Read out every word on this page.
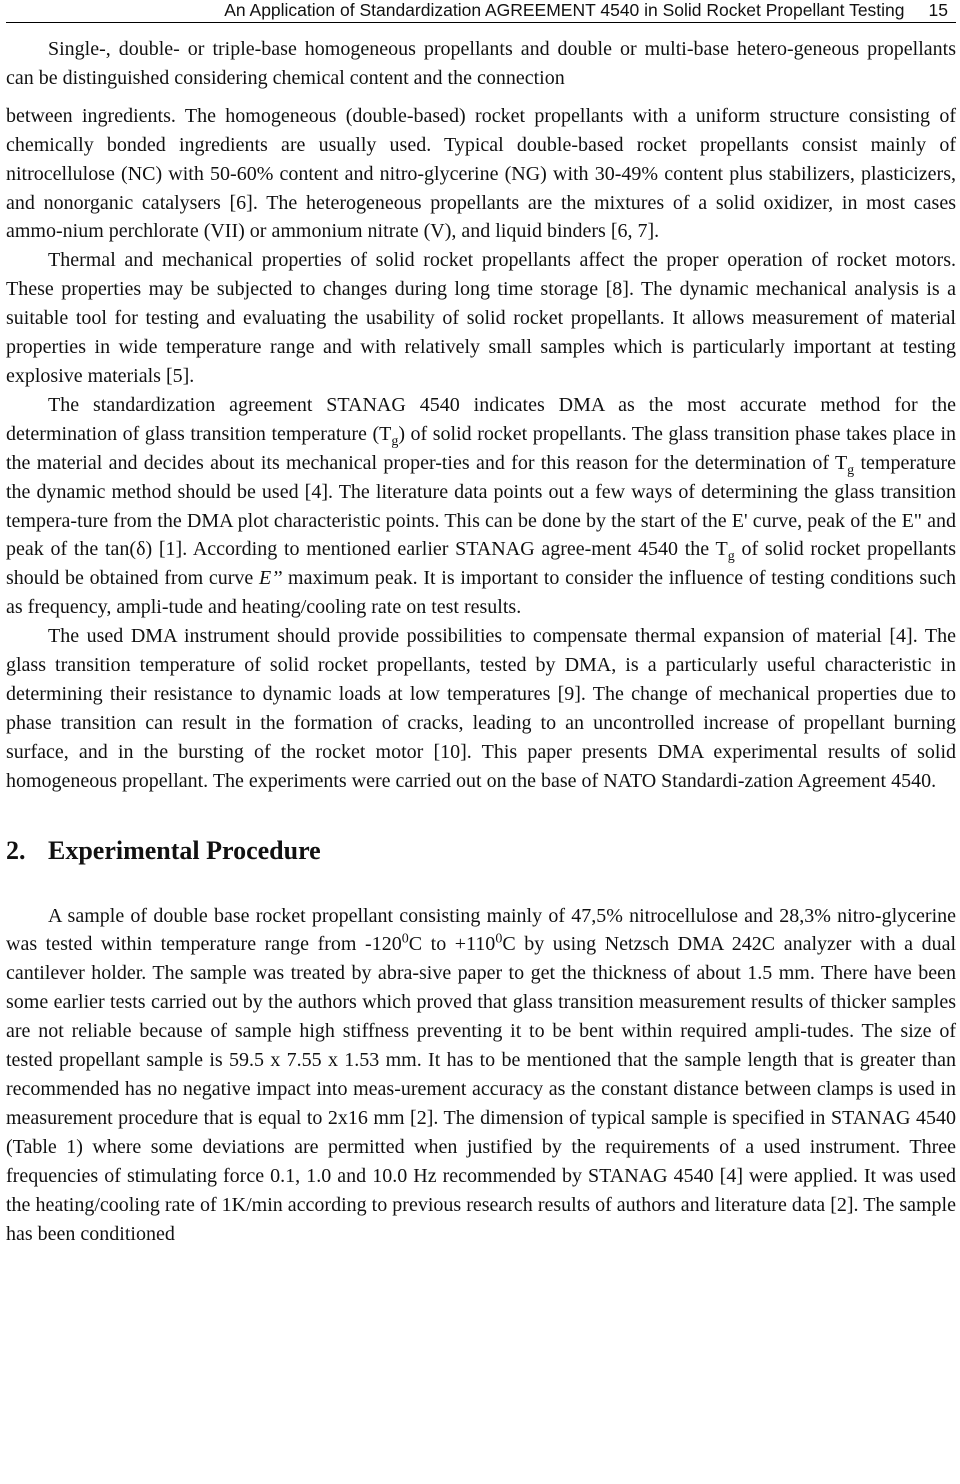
An Application of Standardization AGREEMENT 4540 in Solid Rocket Propellant Testing 15

Single-, double- or triple-base homogeneous propellants and double or multi-base hetero-geneous propellants can be distinguished considering chemical content and the connection
between ingredients. The homogeneous (double-based) rocket propellants with a uniform structure consisting of chemically bonded ingredients are usually used. Typical double-based rocket propellants consist mainly of nitrocellulose (NC) with 50-60% content and nitro-glycerine (NG) with 30-49% content plus stabilizers, plasticizers, and nonorganic catalysers [6]. The heterogeneous propellants are the mixtures of a solid oxidizer, in most cases ammo-nium perchlorate (VII) or ammonium nitrate (V), and liquid binders [6, 7].

Thermal and mechanical properties of solid rocket propellants affect the proper operation of rocket motors. These properties may be subjected to changes during long time storage [8]. The dynamic mechanical analysis is a suitable tool for testing and evaluating the usability of solid rocket propellants. It allows measurement of material properties in wide temperature range and with relatively small samples which is particularly important at testing explosive materials [5].

The standardization agreement STANAG 4540 indicates DMA as the most accurate method for the determination of glass transition temperature $(T_g)$ of solid rocket propellants. The glass transition phase takes place in the material and decides about its mechanical proper-ties and for this reason for the determination of $T_g$ temperature the dynamic method should be used [4]. The literature data points out a few ways of determining the glass transition tempera-ture from the DMA plot characteristic points. This can be done by the start of the E' curve, peak of the E" and peak of the tan(δ) [1]. According to mentioned earlier STANAG agree-ment 4540 the $T_g$ of solid rocket propellants should be obtained from curve E’’ maximum peak. It is important to consider the influence of testing conditions such as frequency, ampli-tude and heating/cooling rate on test results.

The used DMA instrument should provide possibilities to compensate thermal expansion of material [4]. The glass transition temperature of solid rocket propellants, tested by DMA, is a particularly useful characteristic in determining their resistance to dynamic loads at low temperatures [9]. The change of mechanical properties due to phase transition can result in the formation of cracks, leading to an uncontrolled increase of propellant burning surface, and in the bursting of the rocket motor [10]. This paper presents DMA experimental results of solid homogeneous propellant. The experiments were carried out on the base of NATO Standardi-zation Agreement 4540.

2. Experimental Procedure

A sample of double base rocket propellant consisting mainly of 47,5% nitrocellulose and 28,3% nitro-glycerine was tested within temperature range from $-120^0C$ to $+110^0C$ by using Netzsch DMA 242C analyzer with a dual cantilever holder. The sample was treated by abra-sive paper to get the thickness of about 1.5 mm. There have been some earlier tests carried out by the authors which proved that glass transition measurement results of thicker samples are not reliable because of sample high stiffness preventing it to be bent within required ampli-tudes. The size of tested propellant sample is 59.5 x 7.55 x 1.53 mm. It has to be mentioned that the sample length that is greater than recommended has no negative impact into meas-urement accuracy as the constant distance between clamps is used in measurement procedure that is equal to 2x16 mm [2]. The dimension of typical sample is specified in STANAG 4540 (Table 1) where some deviations are permitted when justified by the requirements of a used instrument. Three frequencies of stimulating force 0.1, 1.0 and 10.0 Hz recommended by STANAG 4540 [4] were applied. It was used the heating/cooling rate of 1K/min according to previous research results of authors and literature data [2]. The sample has been conditioned
